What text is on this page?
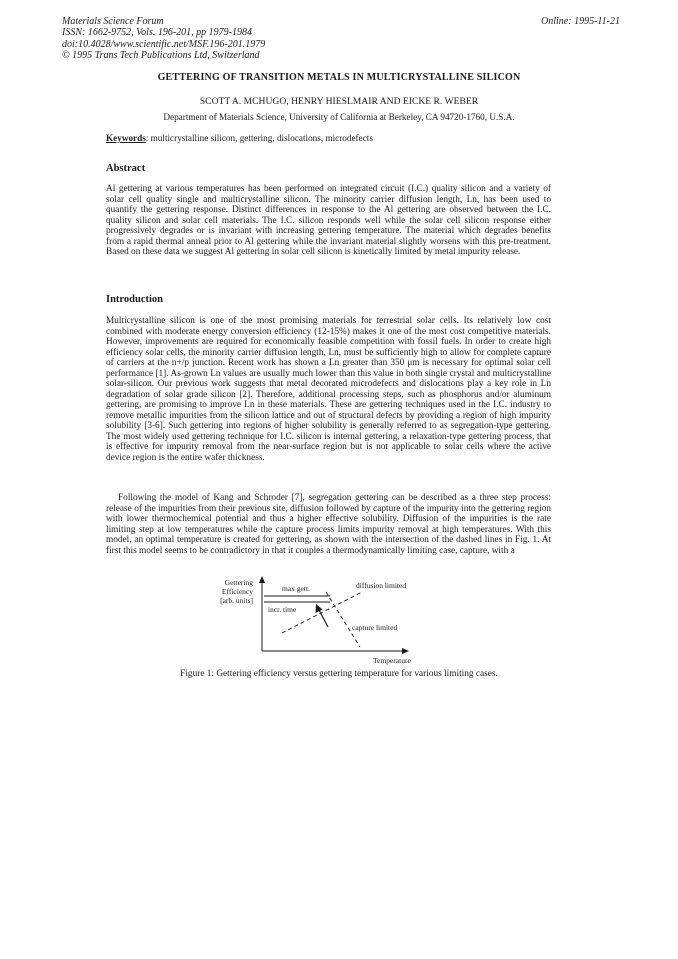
Materials Science Forum
ISSN: 1662-9752, Vols. 196-201, pp 1979-1984
doi:10.4028/www.scientific.net/MSF.196-201.1979
© 1995 Trans Tech Publications Ltd, Switzerland
Online: 1995-11-21
GETTERING OF TRANSITION METALS IN MULTICRYSTALLINE SILICON
SCOTT A. MCHUGO, HENRY HIESLMAIR AND EICKE R. WEBER
Department of Materials Science, University of California at Berkeley, CA 94720-1760, U.S.A.
Keywords: multicrystalline silicon, gettering, dislocations, microdefects
Abstract

Al gettering at various temperatures has been performed on integrated circuit (I.C.) quality silicon and a variety of solar cell quality single and multicrystalline silicon. The minority carrier diffusion length, Ln, has been used to quantify the gettering response. Distinct differences in response to the Al gettering are observed between the I.C. quality silicon and solar cell materials. The I.C. silicon responds well while the solar cell silicon response either progressively degrades or is invariant with increasing gettering temperature. The material which degrades benefits from a rapid thermal anneal prior to Al gettering while the invariant material slightly worsens with this pre-treatment. Based on these data we suggest Al gettering in solar cell silicon is kinetically limited by metal impurity release.

Introduction

Multicrystalline silicon is one of the most promising materials for terrestrial solar cells. Its relatively low cost combined with moderate energy conversion efficiency (12-15%) makes it one of the most cost competitive materials. However, improvements are required for economically feasible competition with fossil fuels. In order to create high efficiency solar cells, the minority carrier diffusion length, Ln, must be sufficiently high to allow for complete capture of carriers at the n+/p junction. Recent work has shown a Ln greater than 350 μm is necessary for optimal solar cell performance [1]. As-grown Ln values are usually much lower than this value in both single crystal and multicrystalline solar-silicon. Our previous work suggests that metal decorated microdefects and dislocations play a key role in Ln degradation of solar grade silicon [2]. Therefore, additional processing steps, such as phosphorus and/or aluminum gettering, are promising to improve Ln in these materials. These are gettering techniques used in the I.C. industry to remove metallic impurities from the silicon lattice and out of structural defects by providing a region of high impurity solubility [3-6]. Such gettering into regions of higher solubility is generally referred to as segregation-type gettering. The most widely used gettering technique for I.C. silicon is internal gettering, a relaxation-type gettering process, that is effective for impurity removal from the near-surface region but is not applicable to solar cells where the active device region is the entire wafer thickness.

Following the model of Kang and Schroder [7], segregation gettering can be described as a three step process: release of the impurities from their previous site, diffusion followed by capture of the impurity into the gettering region with lower thermochemical potential and thus a higher effective solubility. Diffusion of the impurities is the rate limiting step at low temperatures while the capture process limits impurity removal at high temperatures. With this model, an optimal temperature is created for gettering, as shown with the intersection of the dashed lines in Fig. 1. At first this model seems to be contradictory in that it couples a thermodynamically limiting case, capture, with a

Gettering
Efficiency
[arb. units]
max gett.	diffusion limited
incr. time
capture limited
Temperature
Figure 1: Gettering efficiency versus gettering temperature for various limiting cases.
